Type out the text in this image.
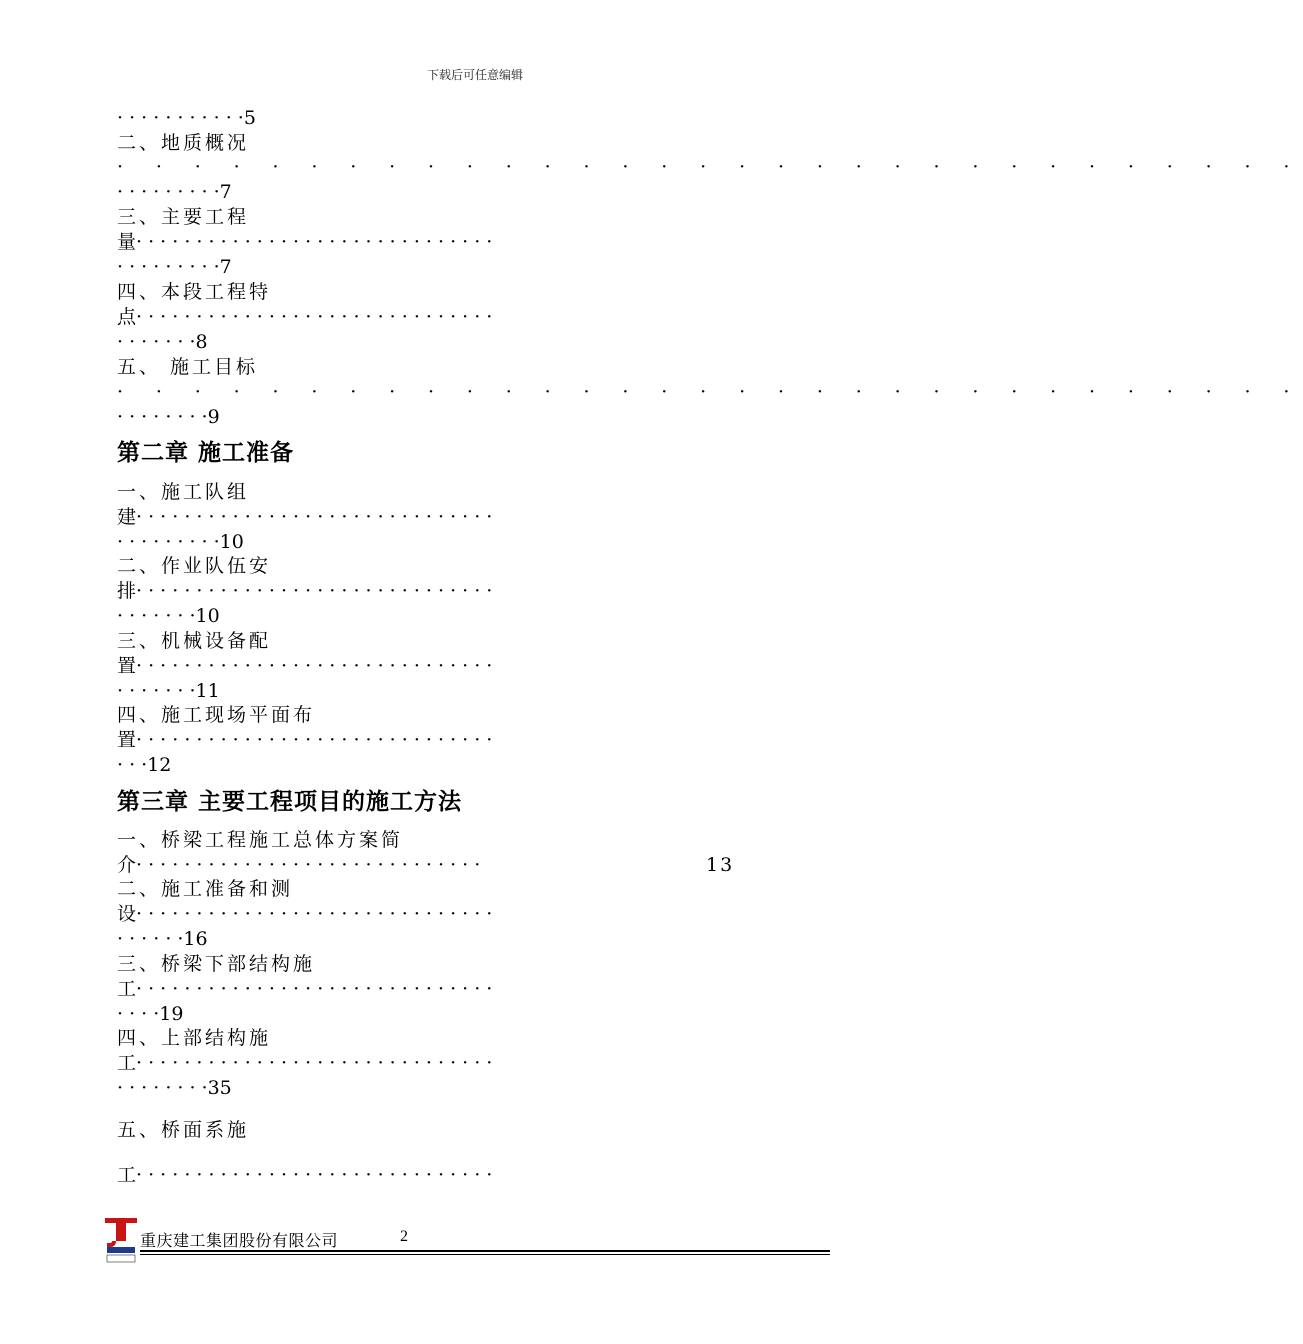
下载后可任意编辑
· · · · · · · · · · ·5
二、地质概况
· · · · · · · · · · · · · · · · · · · · · · · · · · · · · · ·
· · · · · · · · ·7
三、主要工程
量· · · · · · · · · · · · · · · · · · · · · · · · · · · · · ·
· · · · · · · · ·7
四、本段工程特
点· · · · · · · · · · · · · · · · · · · · · · · · · · · · · ·
· · · · · · ·8
五、 施工目标
· · · · · · · · · · · · · · · · · · · · · · · · · · · · · · ·
· · · · · · · ·9
第二章 施工准备
一、施工队组
建· · · · · · · · · · · · · · · · · · · · · · · · · · · · · ·
· · · · · · · · ·10
二、作业队伍安
排· · · · · · · · · · · · · · · · · · · · · · · · · · · · · ·
· · · · · · ·10
三、机械设备配
置· · · · · · · · · · · · · · · · · · · · · · · · · · · · · ·
· · · · · · ·11
四、施工现场平面布
置· · · · · · · · · · · · · · · · · · · · · · · · · · · · · ·
· · ·12
第三章 主要工程项目的施工方法
一、桥梁工程施工总体方案简
介· · · · · · · · · · · · · · · · · · · · · · · · · · · · ·	13
二、施工准备和测
设· · · · · · · · · · · · · · · · · · · · · · · · · · · · · ·
· · · · · ·16
三、桥梁下部结构施
工· · · · · · · · · · · · · · · · · · · · · · · · · · · · · ·
· · · ·19
四、上部结构施
工· · · · · · · · · · · · · · · · · · · · · · · · · · · · · ·
· · · · · · · ·35
五、桥面系施
工· · · · · · · · · · · · · · · · · · · · · · · · · · · · · ·
重庆建工集团股份有限公司	2
